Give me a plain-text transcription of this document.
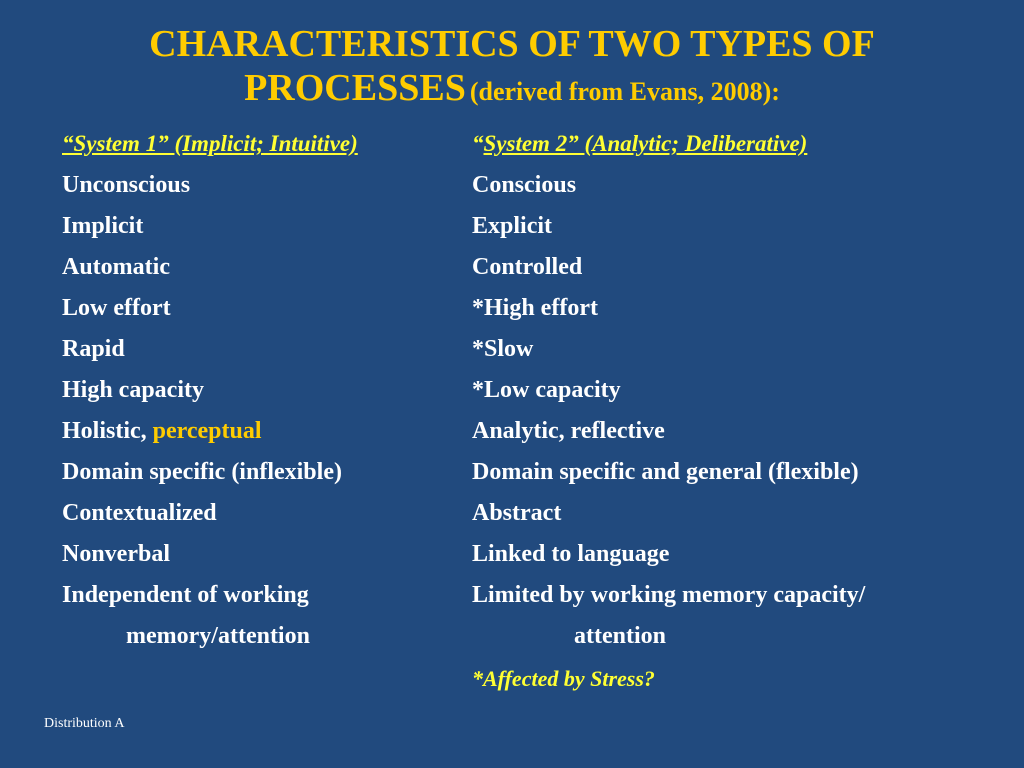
CHARACTERISTICS OF TWO TYPES OF
PROCESSES (derived from Evans, 2008):
“System 1” (Implicit; Intuitive)
Unconscious
Implicit
Automatic
Low effort
Rapid
High capacity
Holistic, perceptual
Domain specific (inflexible)
Contextualized
Nonverbal
Independent of working
memory/attention
“System 2” (Analytic; Deliberative)
Conscious
Explicit
Controlled
*High effort
*Slow
*Low capacity
Analytic, reflective
Domain specific and general (flexible)
Abstract
Linked to language
Limited by working memory capacity/
attention
*Affected by Stress?
Distribution A
